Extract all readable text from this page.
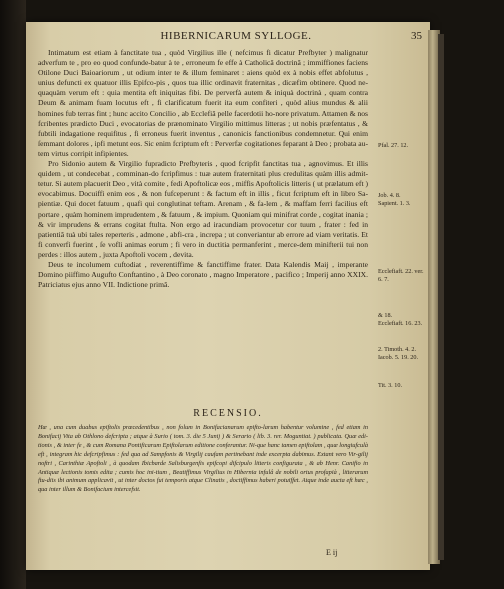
HIBERNICARUM SYLLOGE.	35

Intimatum est etiam à fanctitate tua , quòd Virgilius ille ( nefcimus fi dicatur Prefbyter ) malignatur adverfum te , pro eo quod confunde-batur à te , erroneum fe effe à Catholicâ doctrinâ ; immiffiones faciens Otilone Duci Baioariorum , ut odium inter te & illum feminaret : aiens quòd ex à nobis effet abfolutus , unius defuncti ex quatuor illis Epifco-pis , quos tua illic ordinavit fraternitas , dicæfim obtinere. Quod ne-quaquàm verum eft : quia mentita eft iniquitas fibi. De perverfà autem & iniquà doctrinà , quam contra Deum & animam fuam locutus eft , fi clarificatum fuerit ita eum confiteri , quòd alius mundus & alii homines fub terras fint ; hunc accito Concilio , ab Ecclefiâ pelle facerdotii ho-nore privatum. Attamen & nos fcribentes prædicto Duci , evocatorias de prænominato Virgilio mittimus litteras ; ut nobis præfentatus , & fubtili indagatione requifitus , fi erroneus fuerit inventus , canonicis fanctionibus condemnetur. Qui enim ſemmant dolores , ipfi metunt eos. Sic enim fcriptum eft : Perverfæ cogitationes feparant à Deo ; probata au-tem virtus corripit infipientes.

Pro Sidonio autem & Virgilio fupradicto Prefbyteris , quod fcripfit fanctitas tua , agnovimus. Et illis quidem , ut condecebat , comminan-do fcripfimus : tuæ autem fraternitati plus credulitas quàm illis admit-tetur. Si autem placuerit Deo , vità comite , fedi Apoftolicæ eos , miffis Apoftolicis litteris ( ut prælatum eft ) evocabimus. Docuiffi enim eos , & non fufceperunt : & factum eft in illis , ficut fcriptum eft in libro Sa-pientiæ. Qui docet fatuum , quafi qui conglutinat teftam. Arenam , & fa-lem , & maffam ferri facilius eft portare , quàm hominem imprudentem , & fatuum , & impium. Quoniam qui minifrat corde , cogitat inania ; & vir imprudens & errans cogitat ftulta. Non ergo ad iracundiam provocetur cor tuum , frater : fed in patientiâ tuà ubi tales reperteris , admone , abfi-cra , increpa ; ut converiantur ab errore ad viam veritatis. Et fi converfi fuerint , ſe vofli animas eorum ; fi vero in ductitia permanferint , merce-dem minifterii tui non perdes : illos autem , juxta Apoftoli vocem , devita.

Deus te incolumem cuftodiat , reverentiffime & fanctiffime frater. Data Kalendis Maij , imperante Domino piiffimo Augufto Conftantino , à Deo coronato , magno Imperatore , pacifico ; Imperij anno XXIX. Patriciatus ejus anno VII. Indictione primâ.

Pfal. 27. 12.
Job. 4. 8.
Sapient. 1. 3.
Ecclefiaft. 22. ver. 6. 7.
& 18.
Ecclefiaft. 16. 23.
2. Timoth. 4. 2. Iacob. 5. 19. 20.
Tit. 3. 10.
RECENSIO.
Hæ , una cum duabus epiftolis præcedentibus , non folum in Bonifacianarum epifto-larum habentur volumine , fed etiam in Bonifacij Vita ab Othlono defcripta ; atque à Surio ( tom. 3. die 5 Junij ) & Serario ( lib. 3. rer. Moguntiat. ) publicata. Quæ edi-tionis , & inter fe , & cum Romana Pontificarum Epiftolarum editione conferantur. Ni-que hanc tamen epiftolam , quæ longiufculà eft , integram hic defcripfimus : fed qua ad Sampfonis & Virgilij caufam pertinebant inde excerpta dabimus. Extant vero Vir-gilij noftri , Carinthiæ Apoftoli , à quodam Ibicbarde Salisburgenfis epifcopi difcipulo litteris configurata , & ab Henr. Canifio in Antiquæ lectionis tomis edita ; cumis hoc ini-tium , Beatiffimus Virgilius in Hibernia infulâ de nobili ortus profapià , litterarum ftu-diis ibi animum applicavit , ut inter doctos fui temporis atque Clinatis , doctiffimus haberi potuiffet. Atque inde aucta eft hæc , qua inter illum & Bonifacium intercefsit.
E ij
